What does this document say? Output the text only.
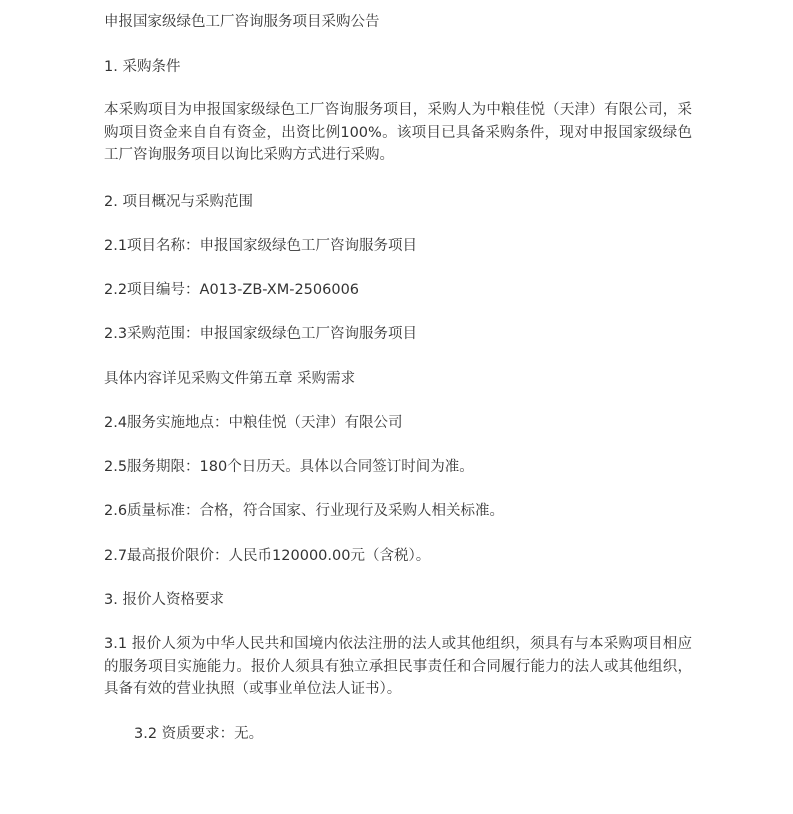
申报国家级绿色工厂咨询服务项目采购公告
1. 采购条件
本采购项目为申报国家级绿色工厂咨询服务项目，采购人为中粮佳悦（天津）有限公司，采购项目资金来自自有资金，出资比例100%。该项目已具备采购条件，现对申报国家级绿色工厂咨询服务项目以询比采购方式进行采购。
2. 项目概况与采购范围
2.1项目名称：申报国家级绿色工厂咨询服务项目
2.2项目编号：A013-ZB-XM-2506006
2.3采购范围：申报国家级绿色工厂咨询服务项目
具体内容详见采购文件第五章 采购需求
2.4服务实施地点：中粮佳悦（天津）有限公司
2.5服务期限：180个日历天。具体以合同签订时间为准。
2.6质量标准：合格，符合国家、行业现行及采购人相关标准。
2.7最高报价限价：人民币120000.00元（含税）。
3. 报价人资格要求
3.1 报价人须为中华人民共和国境内依法注册的法人或其他组织，须具有与本采购项目相应的服务项目实施能力。报价人须具有独立承担民事责任和合同履行能力的法人或其他组织，具备有效的营业执照（或事业单位法人证书）。
3.2 资质要求：无。
